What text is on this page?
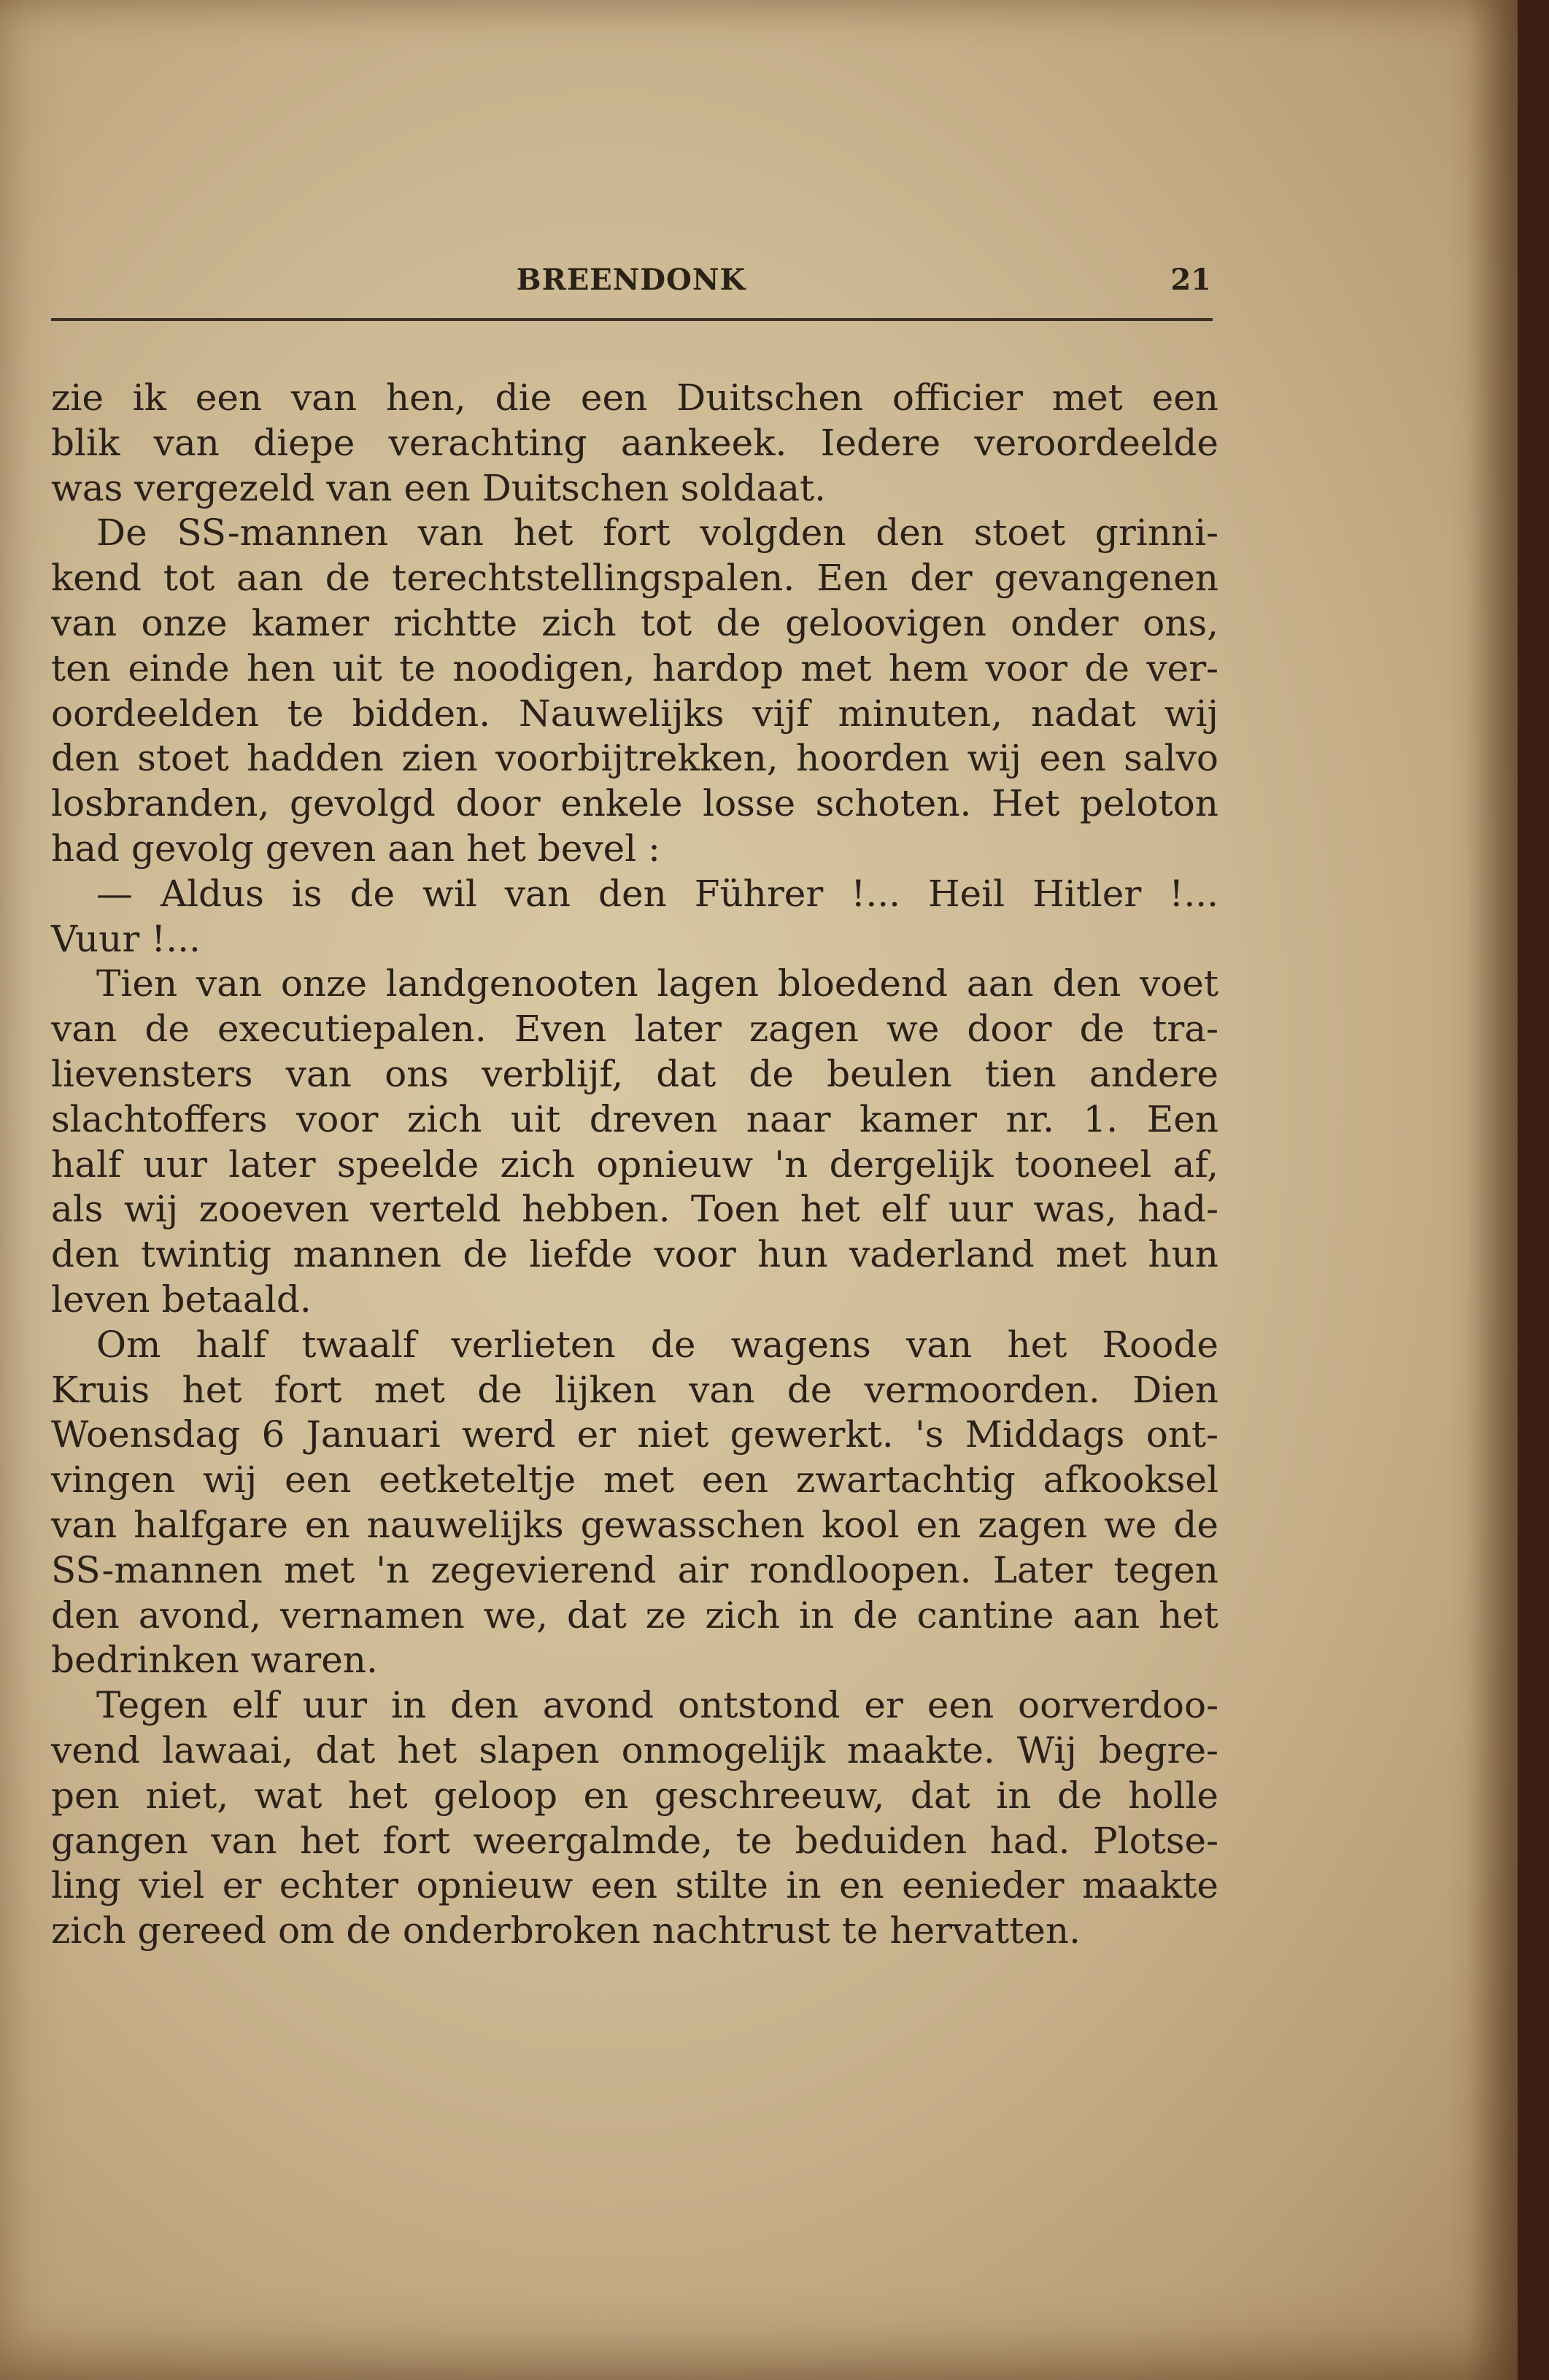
BREENDONK	21
zie ik een van hen, die een Duitschen officier met een
blik van diepe verachting aankeek. Iedere veroordeelde
was vergezeld van een Duitschen soldaat.
De SS-mannen van het fort volgden den stoet grinni-
kend tot aan de terechtstellingspalen. Een der gevangenen
van onze kamer richtte zich tot de geloovigen onder ons,
ten einde hen uit te noodigen, hardop met hem voor de ver-
oordeelden te bidden. Nauwelijks vijf minuten, nadat wij
den stoet hadden zien voorbijtrekken, hoorden wij een salvo
losbranden, gevolgd door enkele losse schoten. Het peloton
had gevolg geven aan het bevel :
— Aldus is de wil van den Führer !... Heil Hitler !...
Vuur !...
Tien van onze landgenooten lagen bloedend aan den voet
van de executiepalen. Even later zagen we door de tra-
lievensters van ons verblijf, dat de beulen tien andere
slachtoffers voor zich uit dreven naar kamer nr. 1. Een
half uur later speelde zich opnieuw 'n dergelijk tooneel af,
als wij zooeven verteld hebben. Toen het elf uur was, had-
den twintig mannen de liefde voor hun vaderland met hun
leven betaald.
Om half twaalf verlieten de wagens van het Roode
Kruis het fort met de lijken van de vermoorden. Dien
Woensdag 6 Januari werd er niet gewerkt. 's Middags ont-
vingen wij een eetketeltje met een zwartachtig afkooksel
van halfgare en nauwelijks gewasschen kool en zagen we de
SS-mannen met 'n zegevierend air rondloopen. Later tegen
den avond, vernamen we, dat ze zich in de cantine aan het
bedrinken waren.
Tegen elf uur in den avond ontstond er een oorverdoo-
vend lawaai, dat het slapen onmogelijk maakte. Wij begre-
pen niet, wat het geloop en geschreeuw, dat in de holle
gangen van het fort weergalmde, te beduiden had. Plotse-
ling viel er echter opnieuw een stilte in en eenieder maakte
zich gereed om de onderbroken nachtrust te hervatten.
